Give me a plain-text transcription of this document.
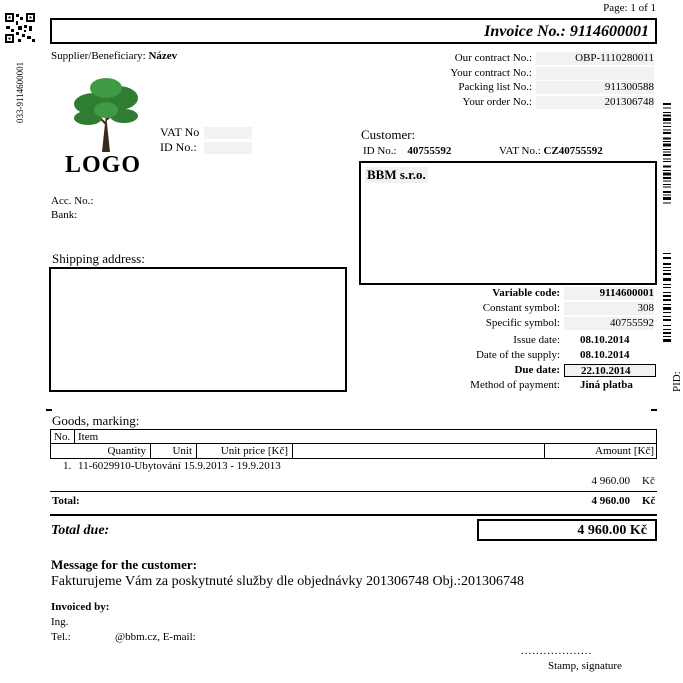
033-9114600001
PID:
Page: 1 of 1
Invoice No.: 9114600001
Supplier/Beneficiary: Název
LOGO
VAT No
ID No.:
Acc. No.:
Bank:
Our contract No.:	OBP-1110280011
Your contract No.:
Packing list No.:	911300588
Your order No.:	201306748
Customer:
ID No.: 40755592	VAT No.: CZ40755592
BBM s.r.o.
Shipping address:
Variable code:	9114600001
Constant symbol:	308
Specific symbol:	40755592
Issue date:	08.10.2014
Date of the supply:	08.10.2014
Due date:	22.10.2014
Method of payment:	Jiná platba
Goods, marking:
No. Item
Quantity	Unit	Unit price [Kč]	Amount [Kč]
1. 11-6029910-Ubytování 15.9.2013 - 19.9.2013
4 960.00 Kč
Total:	4 960.00 Kč
Total due:	4 960.00 Kč
Message for the customer:
Fakturujeme Vám za poskytnuté služby dle objednávky 201306748 Obj.:201306748
Invoiced by:
Ing.
Tel.:	@bbm.cz, E-mail:
...................
Stamp, signature
